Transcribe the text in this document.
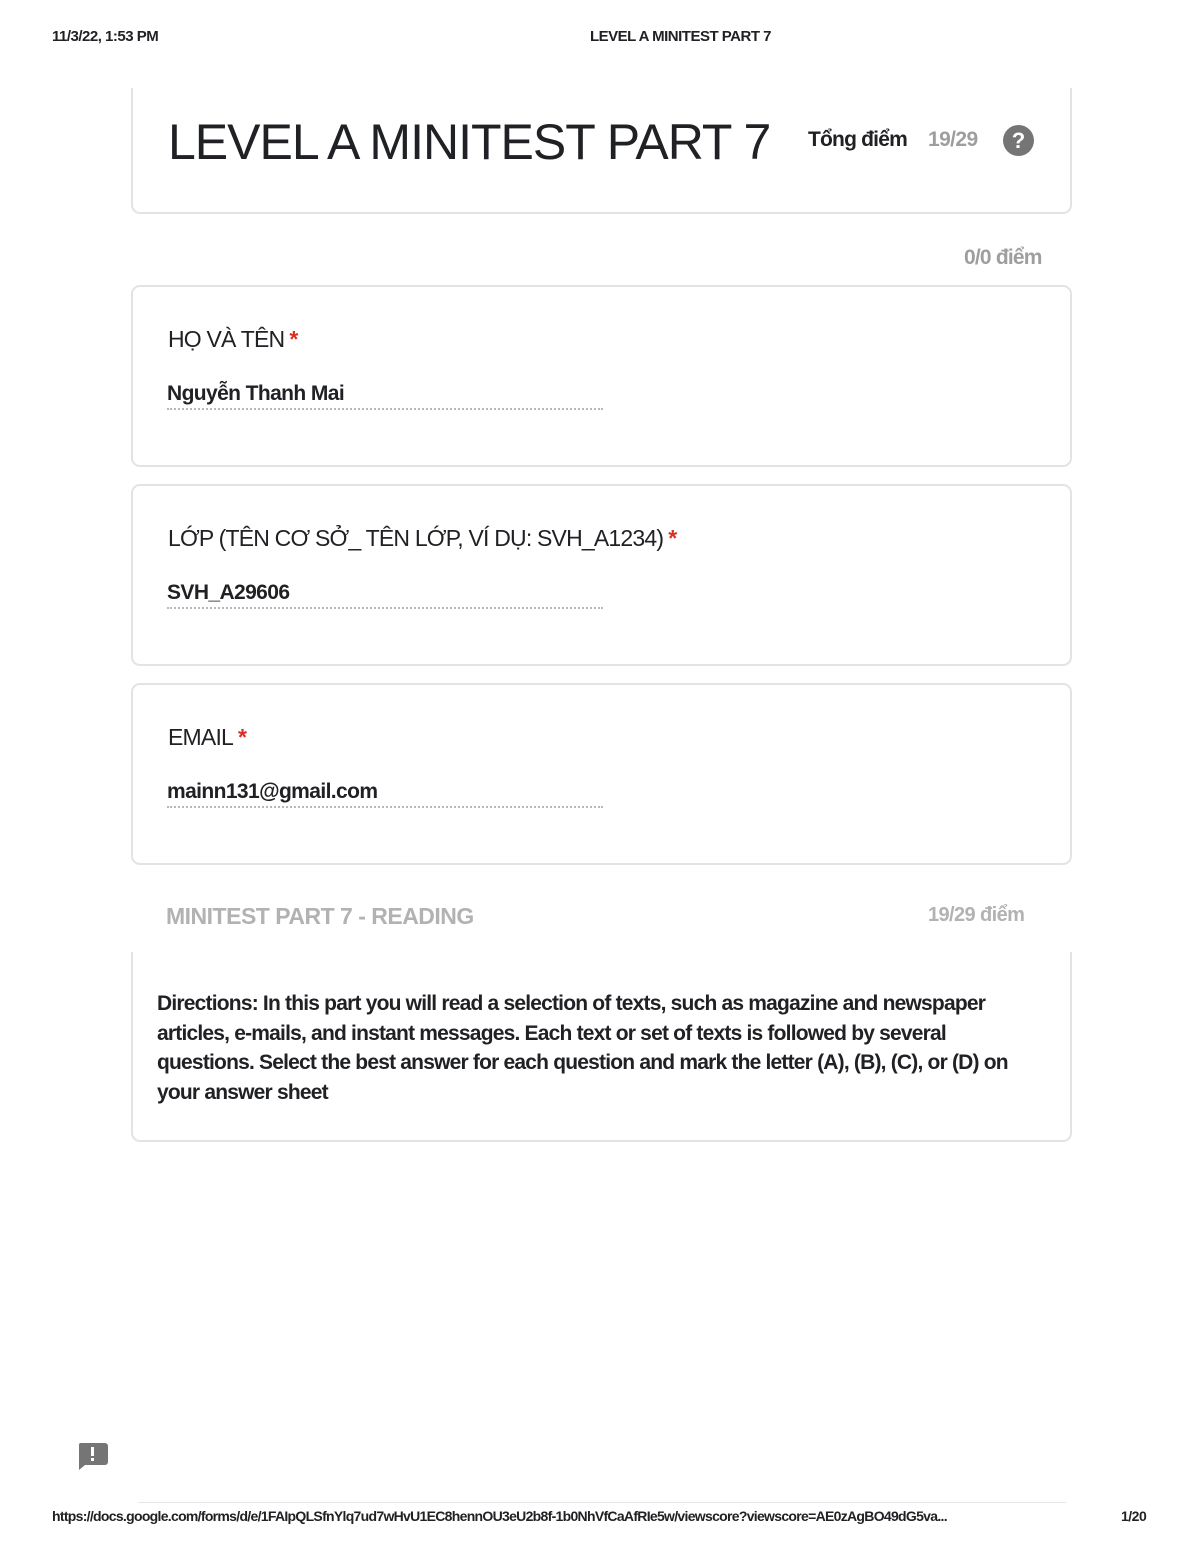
11/3/22, 1:53 PM	LEVEL A MINITEST PART 7
LEVEL A MINITEST PART 7 Tổng điểm 19/29	?
0/0 điểm
HỌ VÀ TÊN *
Nguyễn Thanh Mai
LỚP (TÊN CƠ SỞ_ TÊN LỚP, VÍ DỤ: SVH_A1234) *
SVH_A29606
EMAIL *
mainn131@gmail.com
MINITEST PART 7 - READING	19/29 điểm
Directions: In this part you will read a selection of texts, such as magazine and newspaper articles, e-mails, and instant messages. Each text or set of texts is followed by several questions. Select the best answer for each question and mark the letter (A), (B), (C), or (D) on your answer sheet
https://docs.google.com/forms/d/e/1FAIpQLSfnYlq7ud7wHvU1EC8hennOU3eU2b8f-1b0NhVfCaAfRIe5w/viewscore?viewscore=AE0zAgBO49dG5va...	1/20
